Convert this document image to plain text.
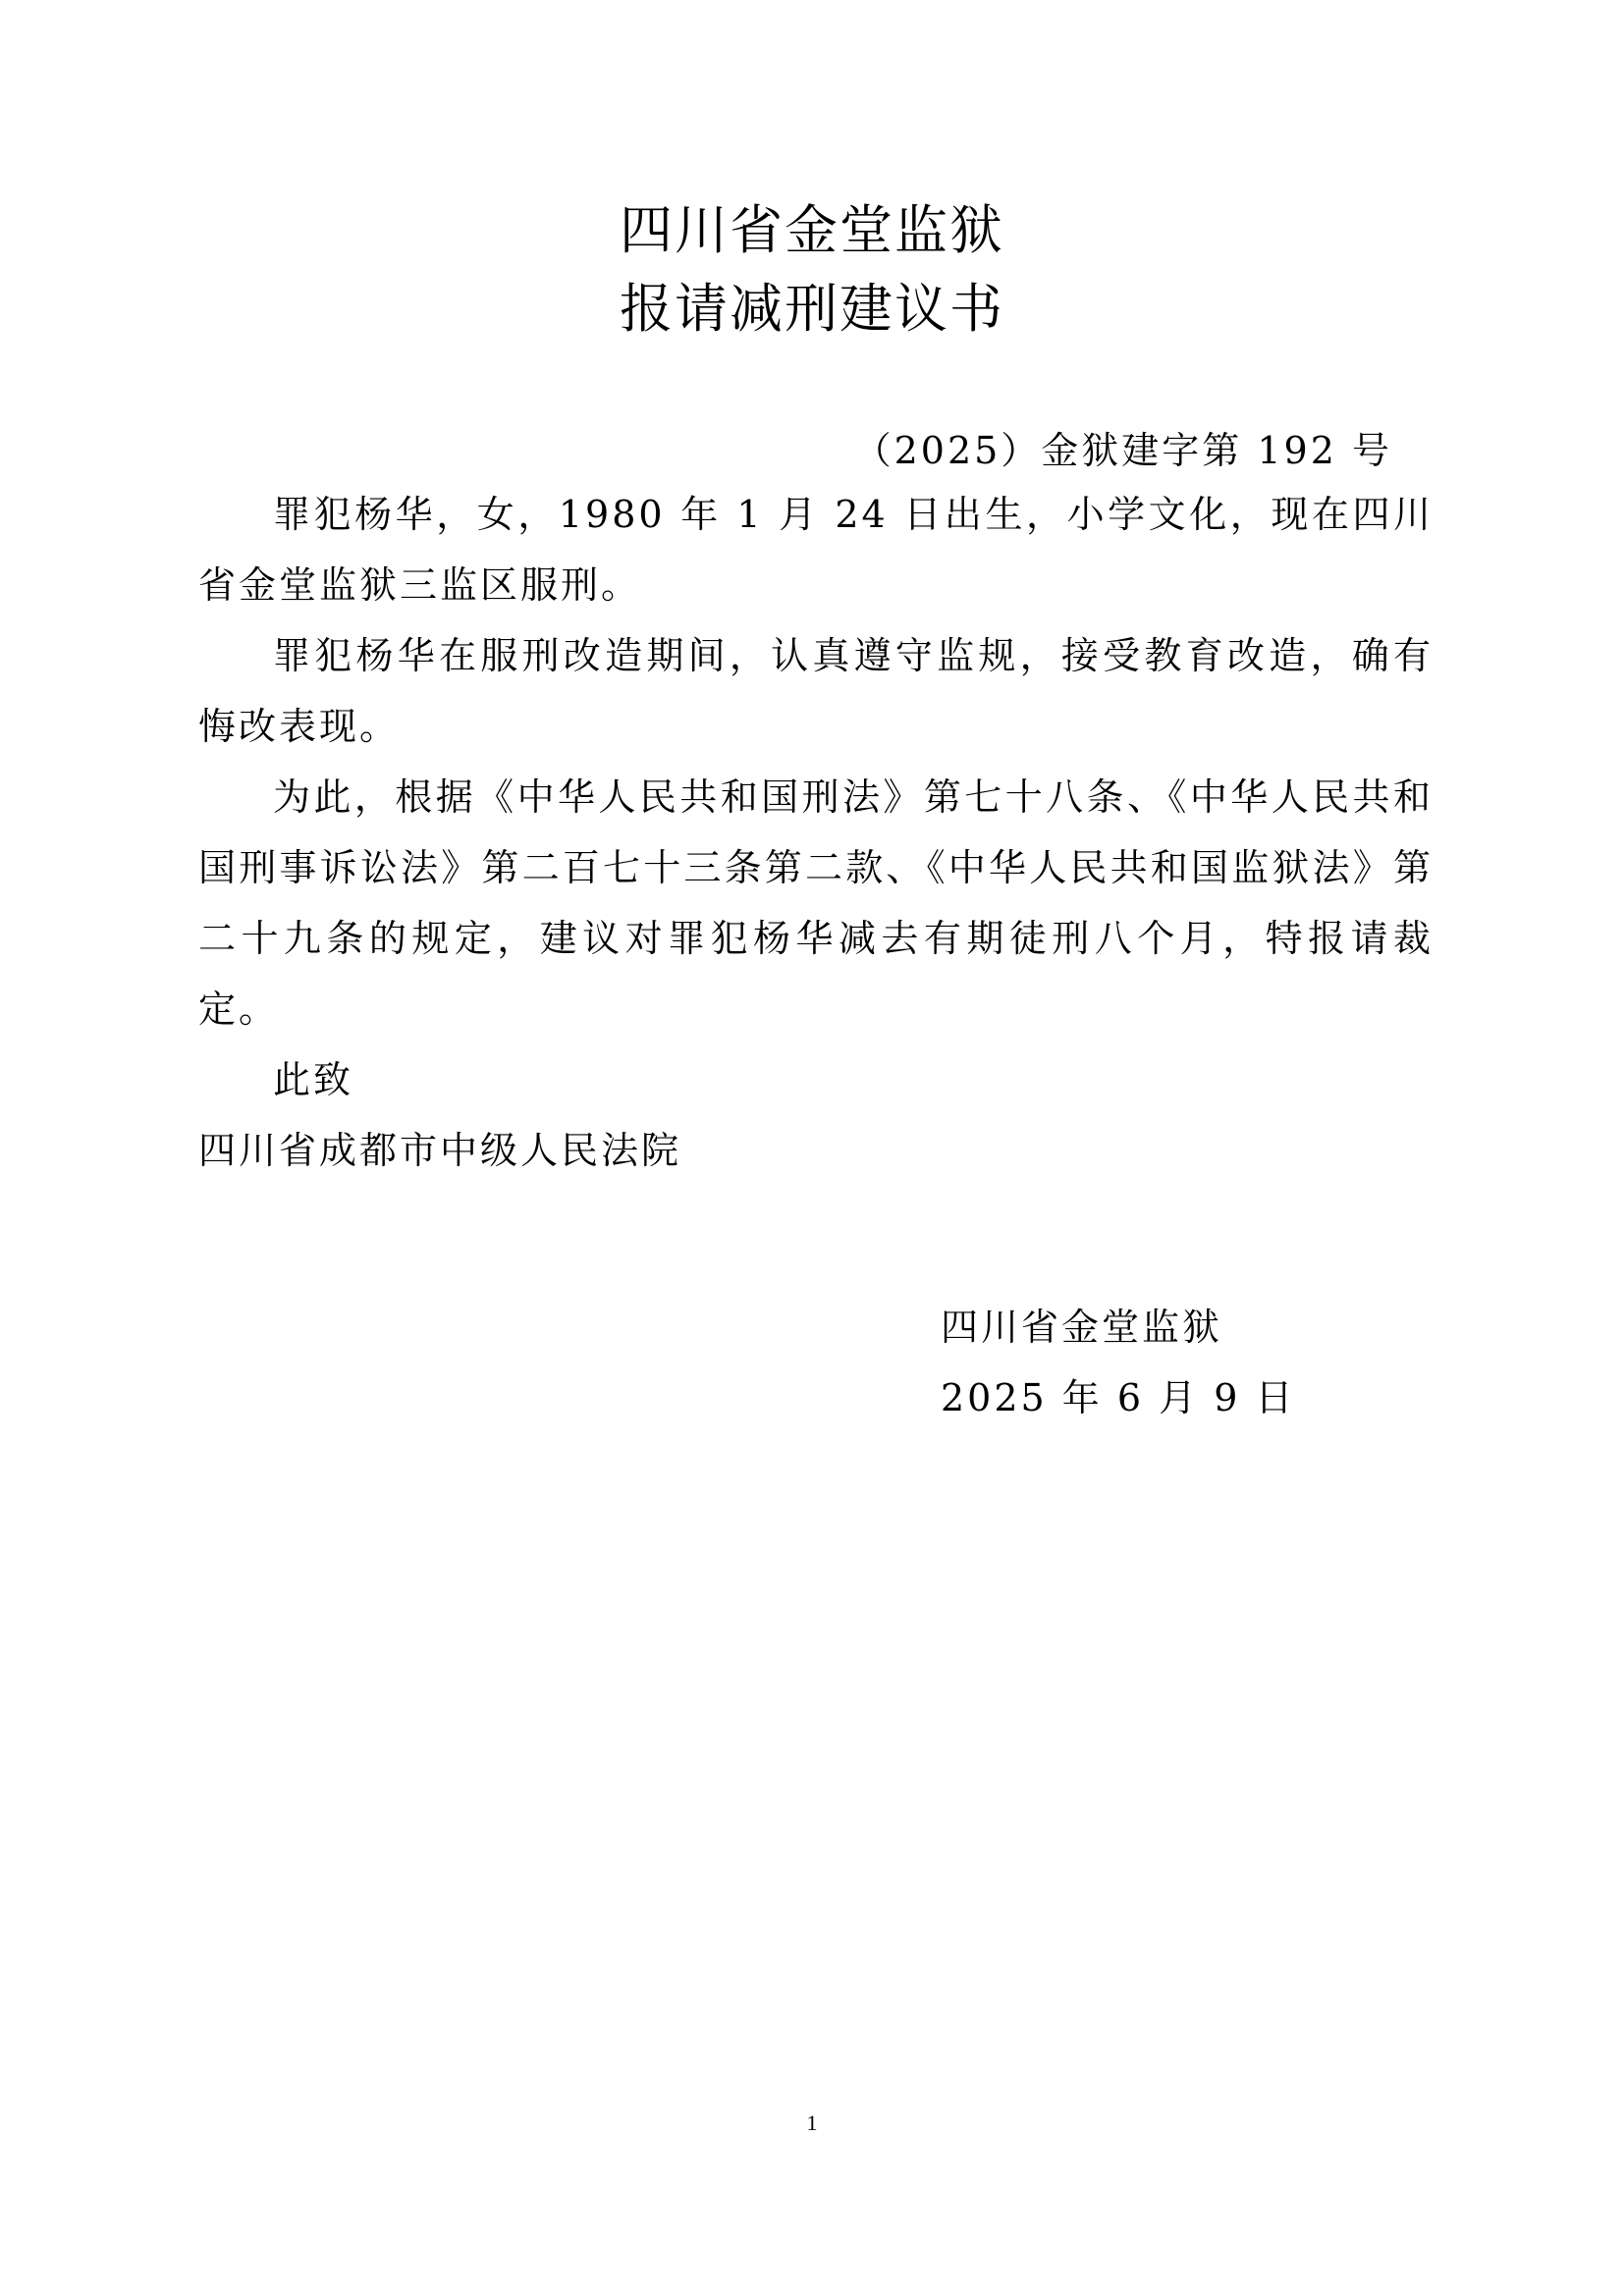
四川省金堂监狱
报请减刑建议书
（2025）金狱建字第 192 号

罪犯杨华，女，1980 年 1 月 24 日出生，小学文化，现在四川省金堂监狱三监区服刑。

罪犯杨华在服刑改造期间，认真遵守监规，接受教育改造，确有悔改表现。

为此，根据《中华人民共和国刑法》第七十八条、《中华人民共和国刑事诉讼法》第二百七十三条第二款、《中华人民共和国监狱法》第二十九条的规定，建议对罪犯杨华减去有期徒刑八个月，特报请裁定。

此致

四川省成都市中级人民法院

四川省金堂监狱
2025 年 6 月 9 日
1
